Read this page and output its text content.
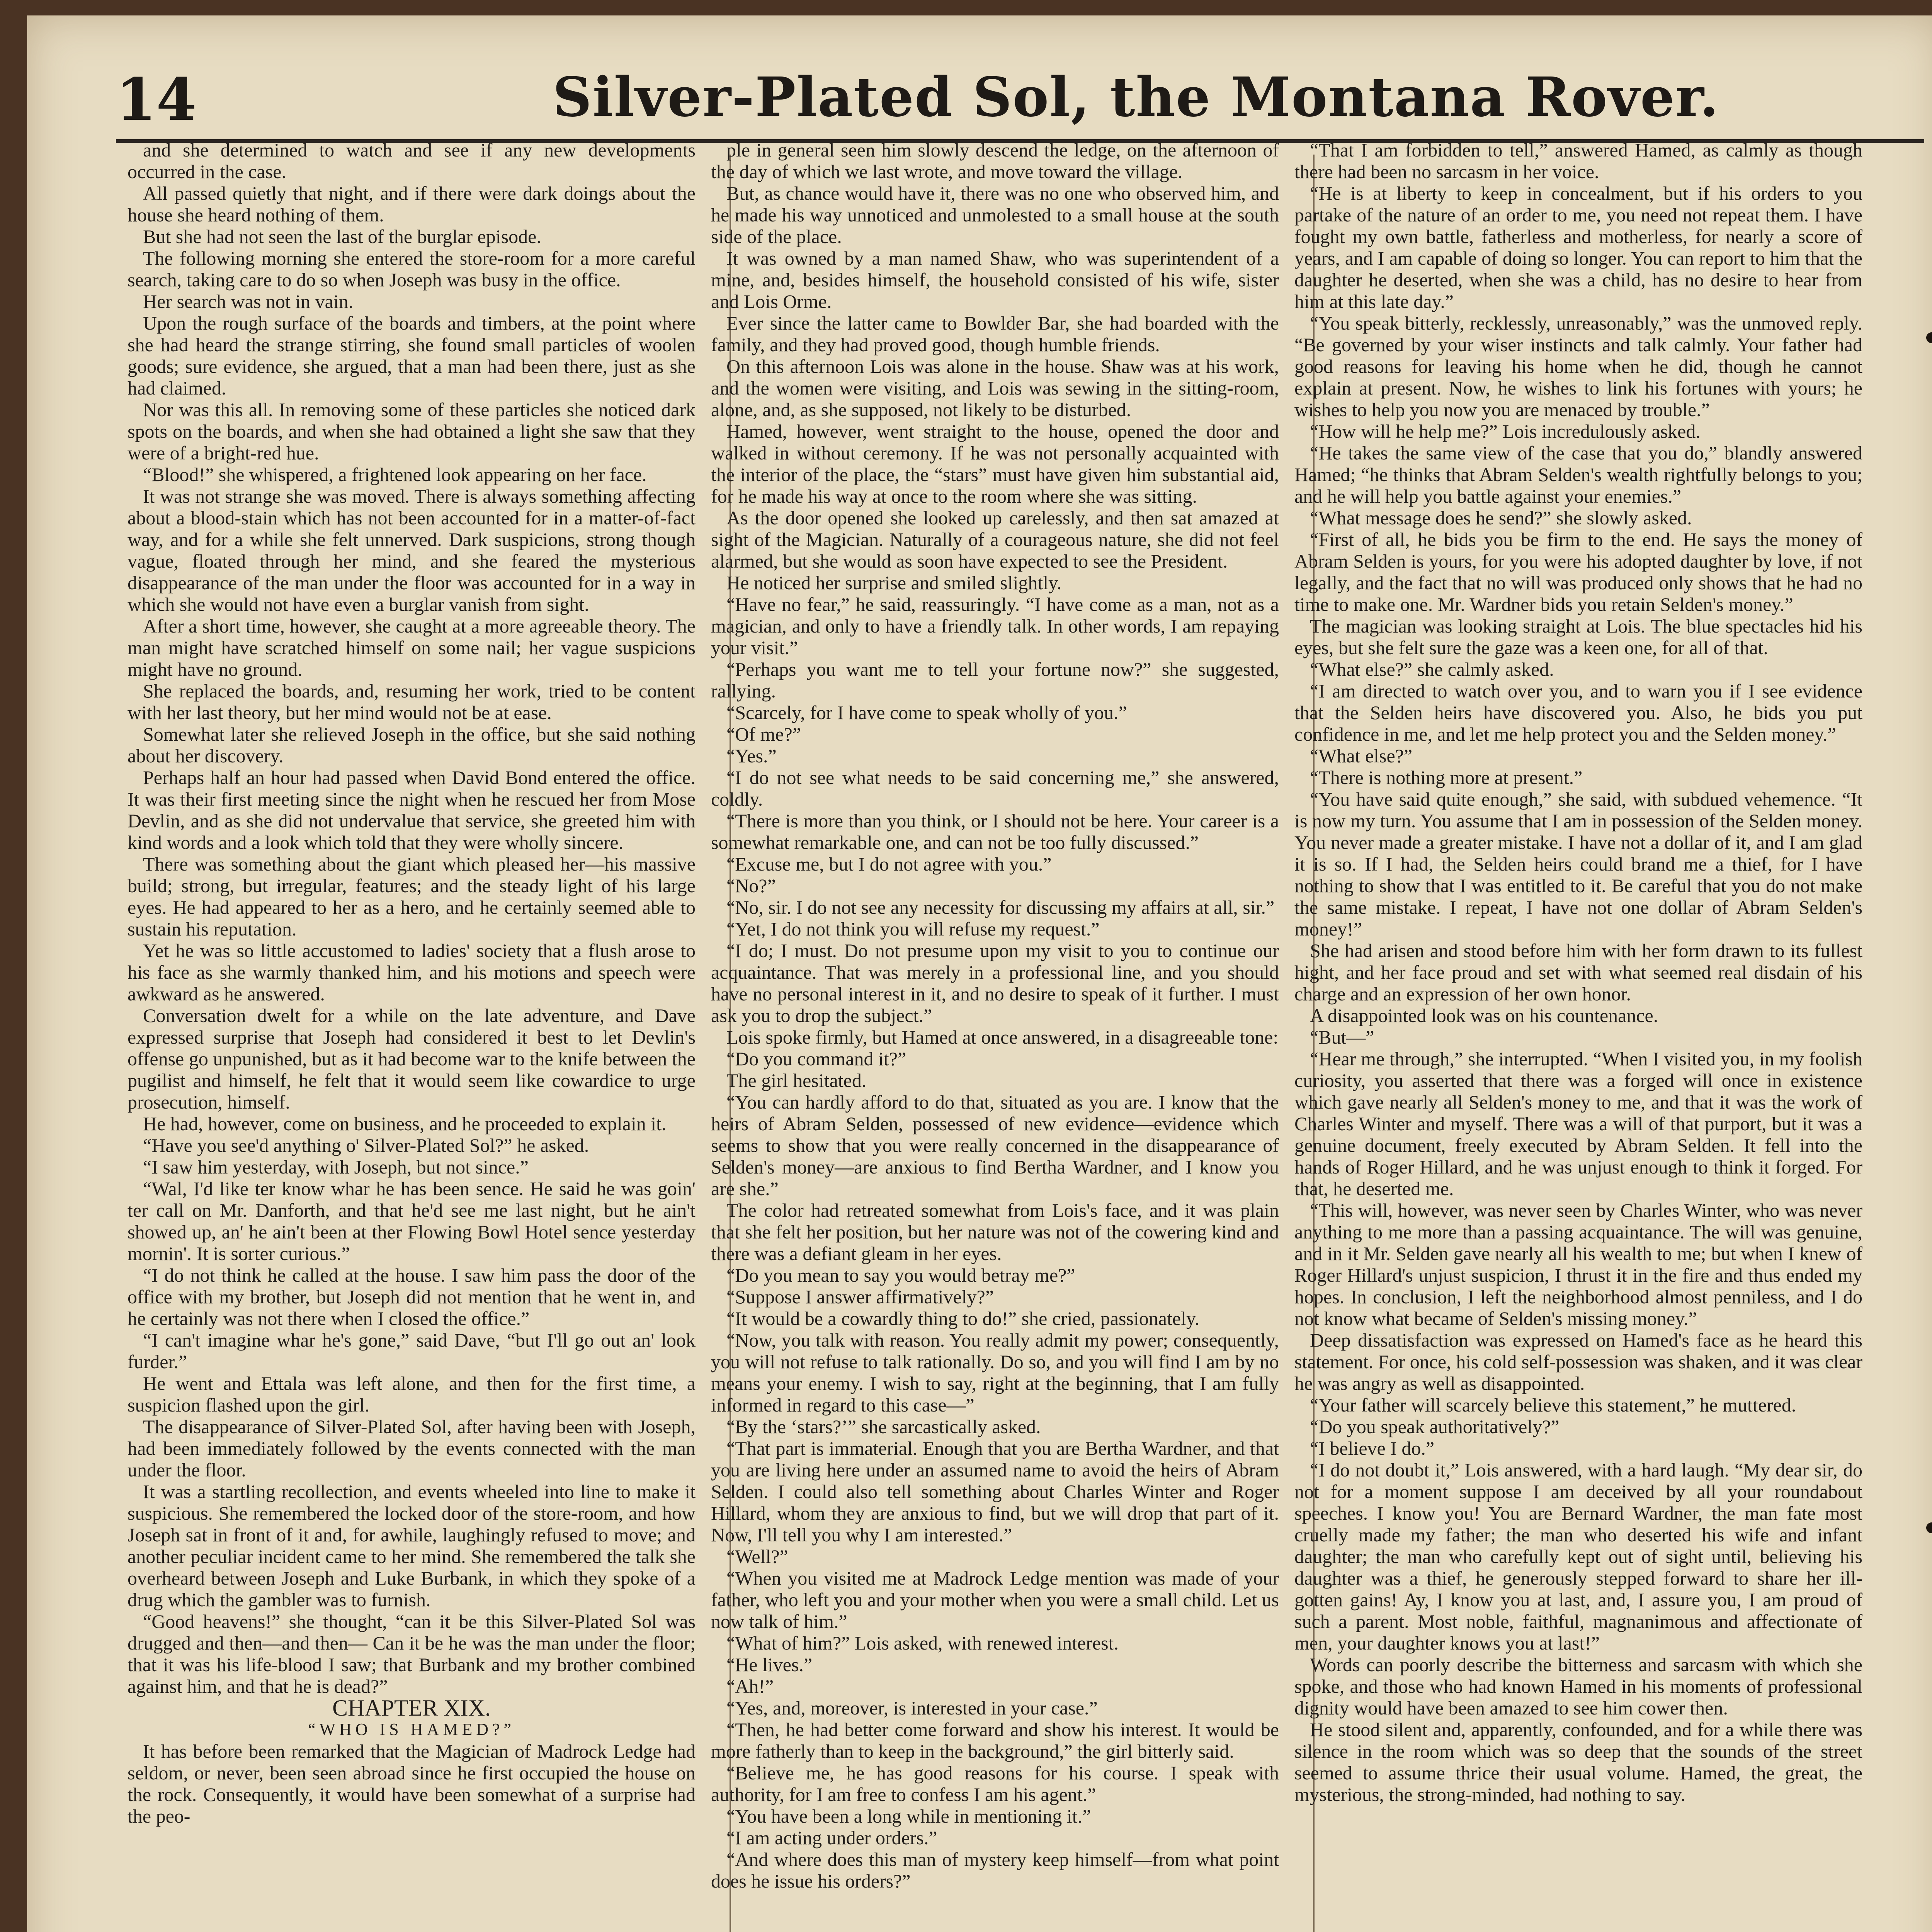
14	Silver-Plated Sol, the Montana Rover.

and she determined to watch and see if any new developments occurred in the case.

All passed quietly that night, and if there were dark doings about the house she heard nothing of them.

But she had not seen the last of the burglar episode.

The following morning she entered the store-room for a more careful search, taking care to do so when Joseph was busy in the office.

Her search was not in vain.

Upon the rough surface of the boards and timbers, at the point where she had heard the strange stirring, she found small particles of woolen goods; sure evidence, she argued, that a man had been there, just as she had claimed.

Nor was this all. In removing some of these particles she noticed dark spots on the boards, and when she had obtained a light she saw that they were of a bright-red hue.

“Blood!” she whispered, a frightened look appearing on her face.

It was not strange she was moved. There is always something affecting about a blood-stain which has not been accounted for in a matter-of-fact way, and for a while she felt unnerved. Dark suspicions, strong though vague, floated through her mind, and she feared the mysterious disappearance of the man under the floor was accounted for in a way in which she would not have even a burglar vanish from sight.

After a short time, however, she caught at a more agreeable theory. The man might have scratched himself on some nail; her vague suspicions might have no ground.

She replaced the boards, and, resuming her work, tried to be content with her last theory, but her mind would not be at ease.

Somewhat later she relieved Joseph in the office, but she said nothing about her discovery.

Perhaps half an hour had passed when David Bond entered the office. It was their first meeting since the night when he rescued her from Mose Devlin, and as she did not undervalue that service, she greeted him with kind words and a look which told that they were wholly sincere.

There was something about the giant which pleased her—his massive build; strong, but irregular, features; and the steady light of his large eyes. He had appeared to her as a hero, and he certainly seemed able to sustain his reputation.

Yet he was so little accustomed to ladies' society that a flush arose to his face as she warmly thanked him, and his motions and speech were awkward as he answered.

Conversation dwelt for a while on the late adventure, and Dave expressed surprise that Joseph had considered it best to let Devlin's offense go unpunished, but as it had become war to the knife between the pugilist and himself, he felt that it would seem like cowardice to urge prosecution, himself.

He had, however, come on business, and he proceeded to explain it.

“Have you see'd anything o' Silver-Plated Sol?” he asked.

“I saw him yesterday, with Joseph, but not since.”

“Wal, I'd like ter know whar he has been sence. He said he was goin' ter call on Mr. Danforth, and that he'd see me last night, but he ain't showed up, an' he ain't been at ther Flowing Bowl Hotel sence yesterday mornin'. It is sorter curious.”

“I do not think he called at the house. I saw him pass the door of the office with my brother, but Joseph did not mention that he went in, and he certainly was not there when I closed the office.”

“I can't imagine whar he's gone,” said Dave, “but I'll go out an' look furder.”

He went and Ettala was left alone, and then for the first time, a suspicion flashed upon the girl.

The disappearance of Silver-Plated Sol, after having been with Joseph, had been immediately followed by the events connected with the man under the floor.

It was a startling recollection, and events wheeled into line to make it suspicious. She remembered the locked door of the store-room, and how Joseph sat in front of it and, for awhile, laughingly refused to move; and another peculiar incident came to her mind. She remembered the talk she overheard between Joseph and Luke Burbank, in which they spoke of a drug which the gambler was to furnish.

“Good heavens!” she thought, “can it be this Silver-Plated Sol was drugged and then—and then— Can it be he was the man under the floor; that it was his life-blood I saw; that Burbank and my brother combined against him, and that he is dead?”

CHAPTER XIX.

“WHO IS HAMED?”

It has before been remarked that the Magician of Madrock Ledge had seldom, or never, been seen abroad since he first occupied the house on the rock. Consequently, it would have been somewhat of a surprise had the peo-

ple in general seen him slowly descend the ledge, on the afternoon of the day of which we last wrote, and move toward the village.

But, as chance would have it, there was no one who observed him, and he made his way unnoticed and unmolested to a small house at the south side of the place.

It was owned by a man named Shaw, who was superintendent of a mine, and, besides himself, the household consisted of his wife, sister and Lois Orme.

Ever since the latter came to Bowlder Bar, she had boarded with the family, and they had proved good, though humble friends.

On this afternoon Lois was alone in the house. Shaw was at his work, and the women were visiting, and Lois was sewing in the sitting-room, alone, and, as she supposed, not likely to be disturbed.

Hamed, however, went straight to the house, opened the door and walked in without ceremony. If he was not personally acquainted with the interior of the place, the “stars” must have given him substantial aid, for he made his way at once to the room where she was sitting.

As the door opened she looked up carelessly, and then sat amazed at sight of the Magician. Naturally of a courageous nature, she did not feel alarmed, but she would as soon have expected to see the President.

He noticed her surprise and smiled slightly.

“Have no fear,” he said, reassuringly. “I have come as a man, not as a magician, and only to have a friendly talk. In other words, I am repaying your visit.”

“Perhaps you want me to tell your fortune now?” she suggested, rallying.

“Scarcely, for I have come to speak wholly of you.”

“Of me?”

“Yes.”

“I do not see what needs to be said concerning me,” she answered, coldly.

“There is more than you think, or I should not be here. Your career is a somewhat remarkable one, and can not be too fully discussed.”

“Excuse me, but I do not agree with you.”

“No?”

“No, sir. I do not see any necessity for discussing my affairs at all, sir.”

“Yet, I do not think you will refuse my request.”

“I do; I must. Do not presume upon my visit to you to continue our acquaintance. That was merely in a professional line, and you should have no personal interest in it, and no desire to speak of it further. I must ask you to drop the subject.”

Lois spoke firmly, but Hamed at once answered, in a disagreeable tone:

“Do you command it?”

The girl hesitated.

“You can hardly afford to do that, situated as you are. I know that the heirs of Abram Selden, possessed of new evidence—evidence which seems to show that you were really concerned in the disappearance of Selden's money—are anxious to find Bertha Wardner, and I know you are she.”

The color had retreated somewhat from Lois's face, and it was plain that she felt her position, but her nature was not of the cowering kind and there was a defiant gleam in her eyes.

“Do you mean to say you would betray me?”

“Suppose I answer affirmatively?”

“It would be a cowardly thing to do!” she cried, passionately.

“Now, you talk with reason. You really admit my power; consequently, you will not refuse to talk rationally. Do so, and you will find I am by no means your enemy. I wish to say, right at the beginning, that I am fully informed in regard to this case—”

“By the ‘stars?’” she sarcastically asked.

“That part is immaterial. Enough that you are Bertha Wardner, and that you are living here under an assumed name to avoid the heirs of Abram Selden. I could also tell something about Charles Winter and Roger Hillard, whom they are anxious to find, but we will drop that part of it. Now, I'll tell you why I am interested.”

“Well?”

“When you visited me at Madrock Ledge mention was made of your father, who left you and your mother when you were a small child. Let us now talk of him.”

“What of him?” Lois asked, with renewed interest.

“He lives.”

“Ah!”

“Yes, and, moreover, is interested in your case.”

“Then, he had better come forward and show his interest. It would be more fatherly than to keep in the background,” the girl bitterly said.

“Believe me, he has good reasons for his course. I speak with authority, for I am free to confess I am his agent.”

“You have been a long while in mentioning it.”

“I am acting under orders.”

“And where does this man of mystery keep himself—from what point does he issue his orders?”

“That I am forbidden to tell,” answered Hamed, as calmly as though there had been no sarcasm in her voice.

“He is at liberty to keep in concealment, but if his orders to you partake of the nature of an order to me, you need not repeat them. I have fought my own battle, fatherless and motherless, for nearly a score of years, and I am capable of doing so longer. You can report to him that the daughter he deserted, when she was a child, has no desire to hear from him at this late day.”

“You speak bitterly, recklessly, unreasonably,” was the unmoved reply. “Be governed by your wiser instincts and talk calmly. Your father had good reasons for leaving his home when he did, though he cannot explain at present. Now, he wishes to link his fortunes with yours; he wishes to help you now you are menaced by trouble.”

“How will he help me?” Lois incredulously asked.

“He takes the same view of the case that you do,” blandly answered Hamed; “he thinks that Abram Selden's wealth rightfully belongs to you; and he will help you battle against your enemies.”

“What message does he send?” she slowly asked.

“First of all, he bids you be firm to the end. He says the money of Abram Selden is yours, for you were his adopted daughter by love, if not legally, and the fact that no will was produced only shows that he had no time to make one. Mr. Wardner bids you retain Selden's money.”

The magician was looking straight at Lois. The blue spectacles hid his eyes, but she felt sure the gaze was a keen one, for all of that.

“What else?” she calmly asked.

“I am directed to watch over you, and to warn you if I see evidence that the Selden heirs have discovered you. Also, he bids you put confidence in me, and let me help protect you and the Selden money.”

“What else?”

“There is nothing more at present.”

“You have said quite enough,” she said, with subdued vehemence. “It is now my turn. You assume that I am in possession of the Selden money. You never made a greater mistake. I have not a dollar of it, and I am glad it is so. If I had, the Selden heirs could brand me a thief, for I have nothing to show that I was entitled to it. Be careful that you do not make the same mistake. I repeat, I have not one dollar of Abram Selden's money!”

She had arisen and stood before him with her form drawn to its fullest hight, and her face proud and set with what seemed real disdain of his charge and an expression of her own honor.

A disappointed look was on his countenance.

“But—”

“Hear me through,” she interrupted. “When I visited you, in my foolish curiosity, you asserted that there was a forged will once in existence which gave nearly all Selden's money to me, and that it was the work of Charles Winter and myself. There was a will of that purport, but it was a genuine document, freely executed by Abram Selden. It fell into the hands of Roger Hillard, and he was unjust enough to think it forged. For that, he deserted me.

“This will, however, was never seen by Charles Winter, who was never anything to me more than a passing acquaintance. The will was genuine, and in it Mr. Selden gave nearly all his wealth to me; but when I knew of Roger Hillard's unjust suspicion, I thrust it in the fire and thus ended my hopes. In conclusion, I left the neighborhood almost penniless, and I do not know what became of Selden's missing money.”

Deep dissatisfaction was expressed on Hamed's face as he heard this statement. For once, his cold self-possession was shaken, and it was clear he was angry as well as disappointed.

“Your father will scarcely believe this statement,” he muttered.

“Do you speak authoritatively?”

“I believe I do.”

“I do not doubt it,” Lois answered, with a hard laugh. “My dear sir, do not for a moment suppose I am deceived by all your roundabout speeches. I know you! You are Bernard Wardner, the man fate most cruelly made my father; the man who deserted his wife and infant daughter; the man who carefully kept out of sight until, believing his daughter was a thief, he generously stepped forward to share her ill-gotten gains! Ay, I know you at last, and, I assure you, I am proud of such a parent. Most noble, faithful, magnanimous and affectionate of men, your daughter knows you at last!”

Words can poorly describe the bitterness and sarcasm with which she spoke, and those who had known Hamed in his moments of professional dignity would have been amazed to see him cower then.

He stood silent and, apparently, confounded, and for a while there was silence in the room which was so deep that the sounds of the street seemed to assume thrice their usual volume. Hamed, the great, the mysterious, the strong-minded, had nothing to say.
